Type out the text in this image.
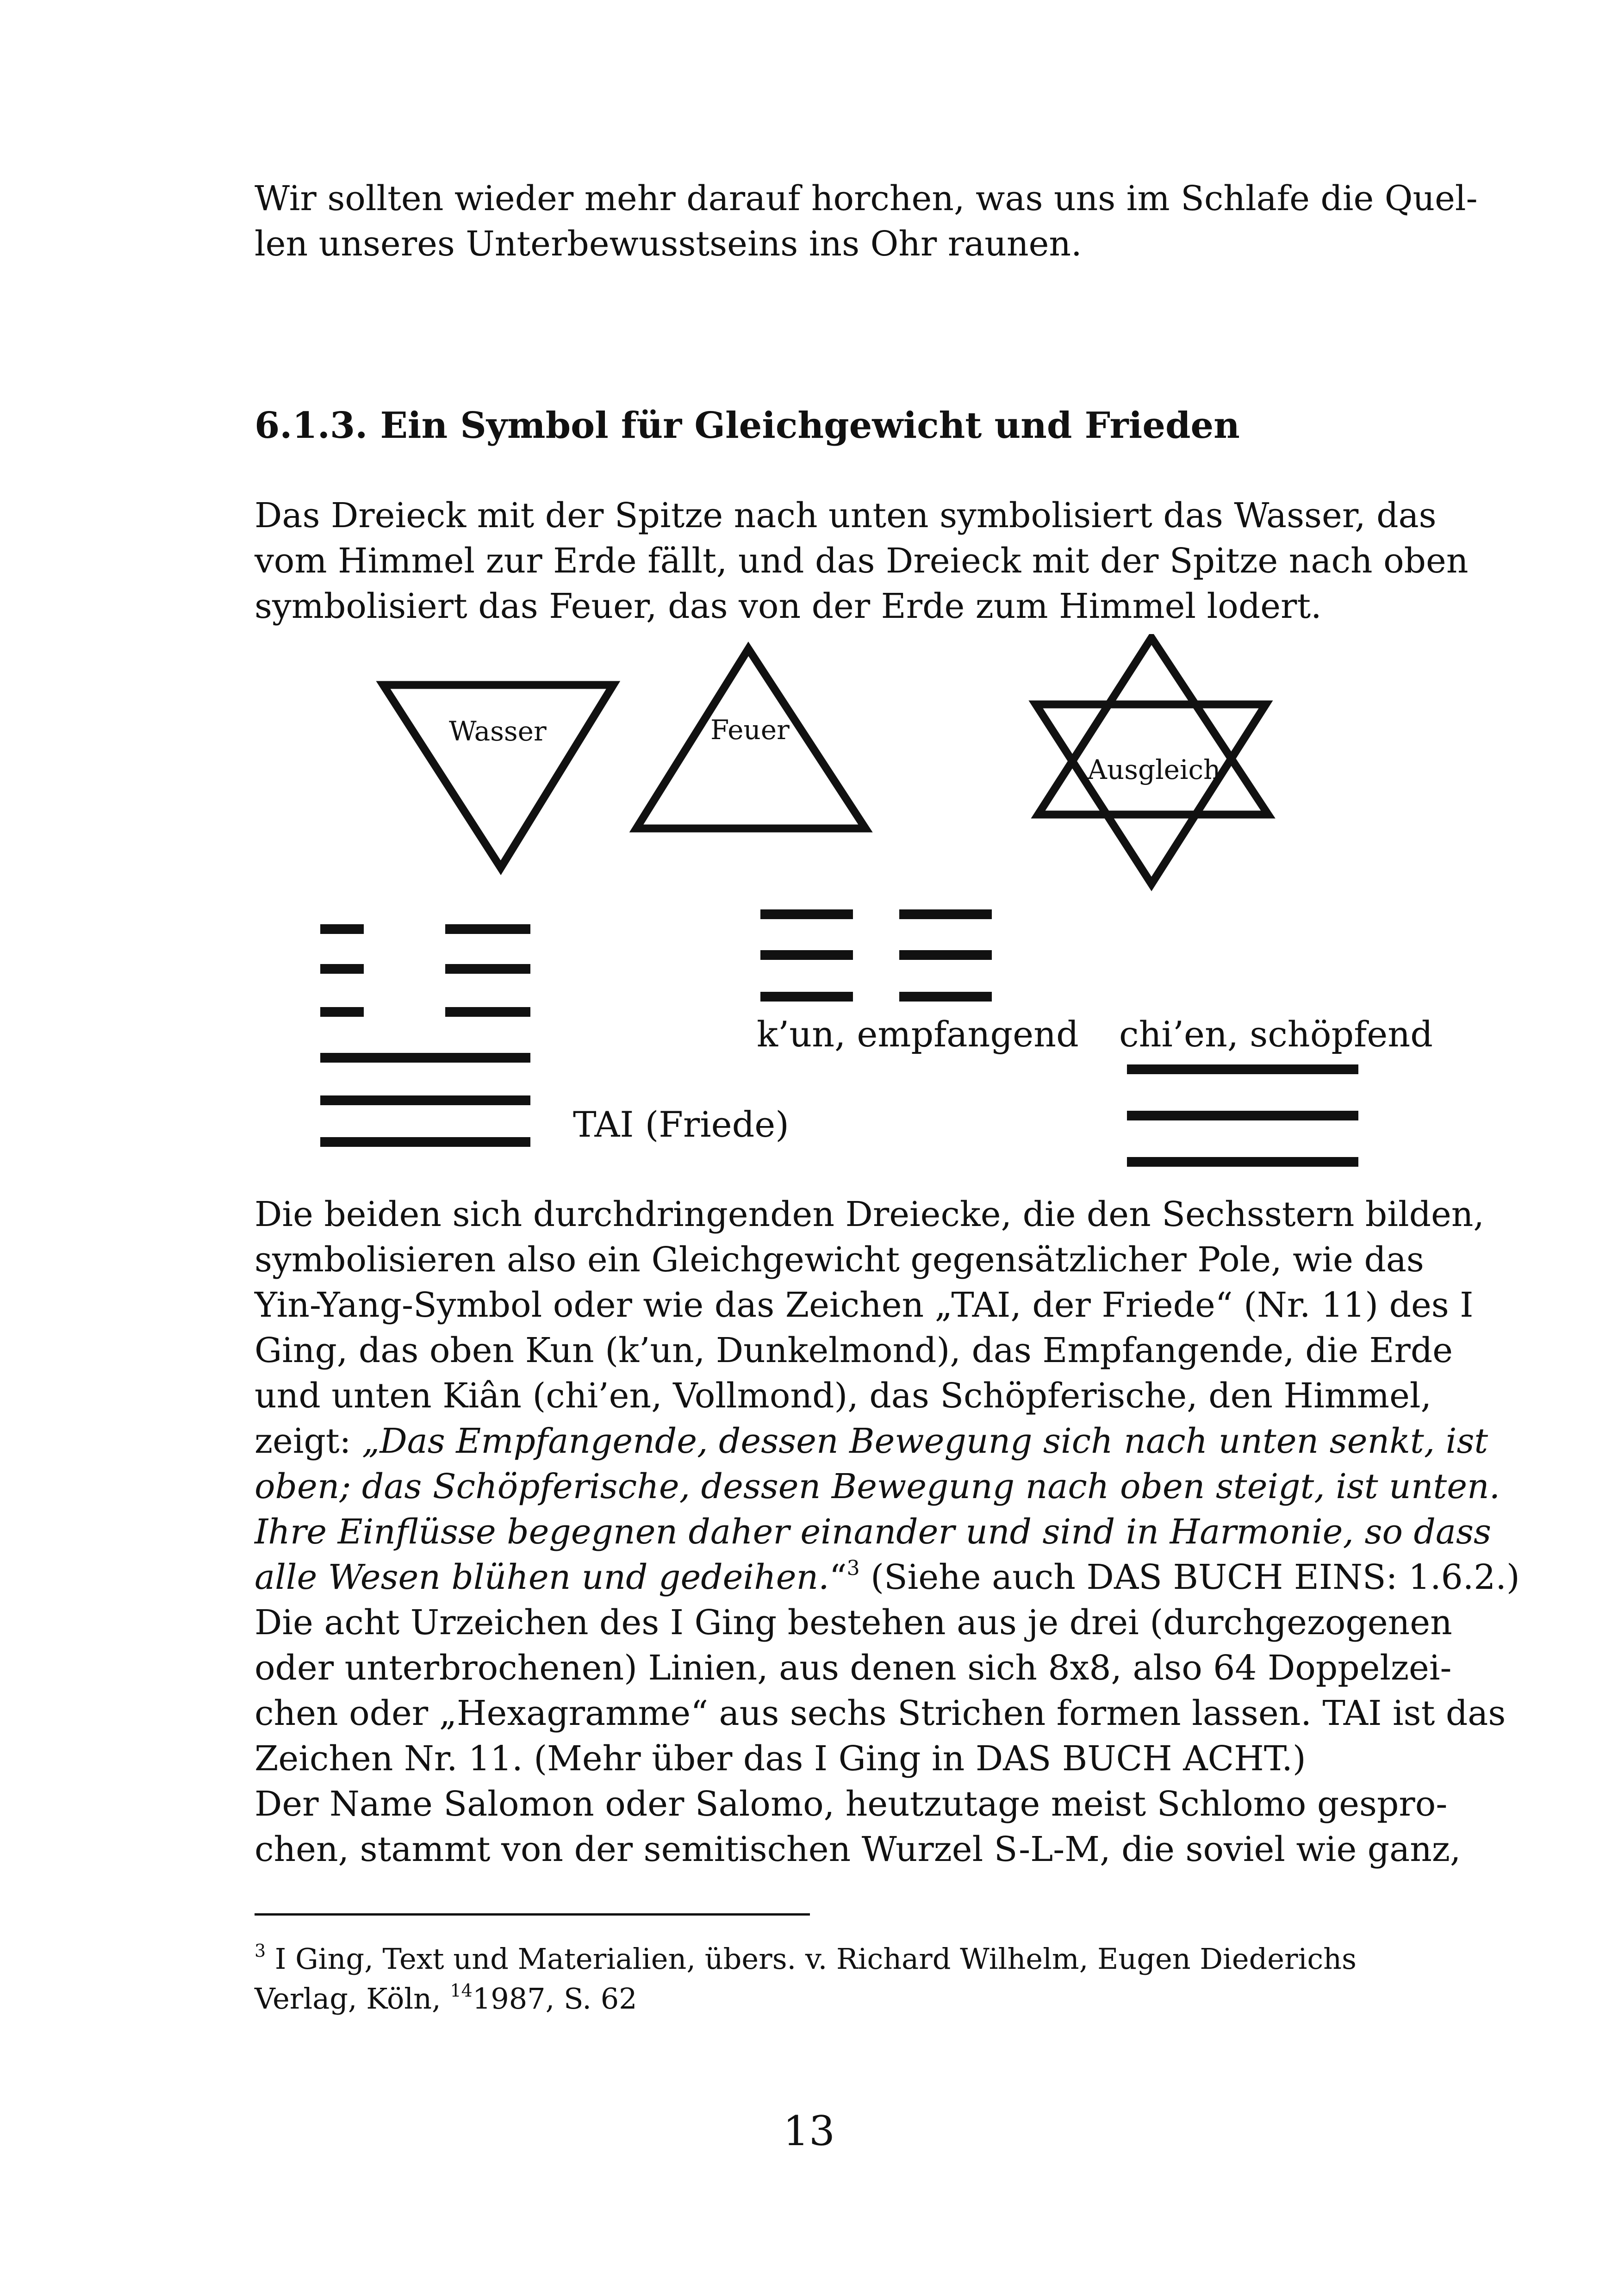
Wir sollten wieder mehr darauf horchen, was uns im Schlafe die Quel-
len unseres Unterbewusstseins ins Ohr raunen.
6.1.3. Ein Symbol für Gleichgewicht und Frieden
Das Dreieck mit der Spitze nach unten symbolisiert das Wasser, das
vom Himmel zur Erde fällt, und das Dreieck mit der Spitze nach oben
symbolisiert das Feuer, das von der Erde zum Himmel lodert.
Wasser	Feuer
Ausgleich
k’un, empfangend chi’en, schöpfend
TAI (Friede)
Die beiden sich durchdringenden Dreiecke, die den Sechsstern bilden,
symbolisieren also ein Gleichgewicht gegensätzlicher Pole, wie das
Yin-Yang-Symbol oder wie das Zeichen „TAI, der Friede“ (Nr. 11) des I
Ging, das oben Kun (k’un, Dunkelmond), das Empfangende, die Erde
und unten Kiân (chi’en, Vollmond), das Schöpferische, den Himmel,
zeigt: „Das Empfangende, dessen Bewegung sich nach unten senkt, ist
oben; das Schöpferische, dessen Bewegung nach oben steigt, ist unten.
Ihre Einflüsse begegnen daher einander und sind in Harmonie, so dass
alle Wesen blühen und gedeihen.“$^3$ (Siehe auch DAS BUCH EINS: 1.6.2.)
Die acht Urzeichen des I Ging bestehen aus je drei (durchgezogenen
oder unterbrochenen) Linien, aus denen sich 8x8, also 64 Doppelzei-
chen oder „Hexagramme“ aus sechs Strichen formen lassen. TAI ist das
Zeichen Nr. 11. (Mehr über das I Ging in DAS BUCH ACHT.)
Der Name Salomon oder Salomo, heutzutage meist Schlomo gespro-
chen, stammt von der semitischen Wurzel S-L-M, die soviel wie ganz,
$^3$ I Ging, Text und Materialien, übers. v. Richard Wilhelm, Eugen Diederichs
Verlag, Köln, $^{14}$1987, S. 62
13
